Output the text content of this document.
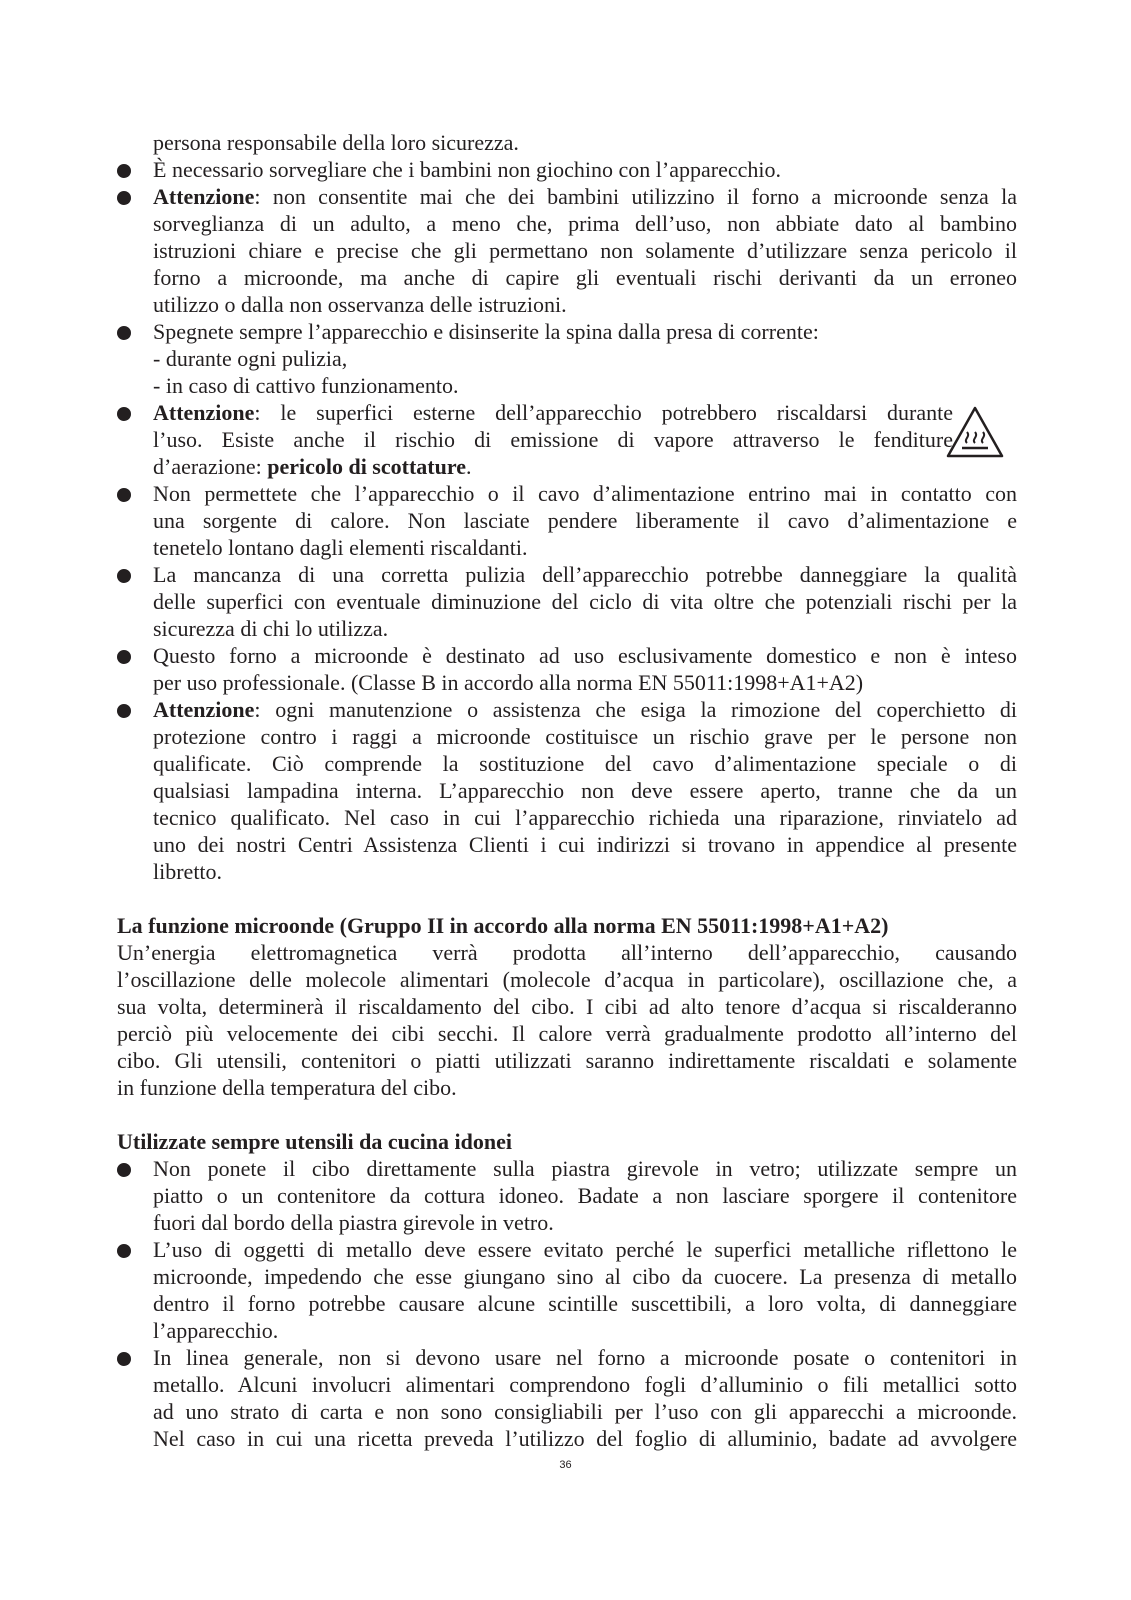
persona responsabile della loro sicurezza.
È necessario sorvegliare che i bambini non giochino con l’apparecchio.
Attenzione: non consentite mai che dei bambini utilizzino il forno a microonde senza la
sorveglianza di un adulto, a meno che, prima dell’uso, non abbiate dato al bambino
istruzioni chiare e precise che gli permettano non solamente d’utilizzare senza pericolo il
forno a microonde, ma anche di capire gli eventuali rischi derivanti da un erroneo
utilizzo o dalla non osservanza delle istruzioni.
Spegnete sempre l’apparecchio e disinserite la spina dalla presa di corrente:
- durante ogni pulizia,
- in caso di cattivo funzionamento.
Attenzione: le superfici esterne dell’apparecchio potrebbero riscaldarsi durante
l’uso. Esiste anche il rischio di emissione di vapore attraverso le fenditure
d’aerazione: pericolo di scottature.
Non permettete che l’apparecchio o il cavo d’alimentazione entrino mai in contatto con
una sorgente di calore. Non lasciate pendere liberamente il cavo d’alimentazione e
tenetelo lontano dagli elementi riscaldanti.
La mancanza di una corretta pulizia dell’apparecchio potrebbe danneggiare la qualità
delle superfici con eventuale diminuzione del ciclo di vita oltre che potenziali rischi per la
sicurezza di chi lo utilizza.
Questo forno a microonde è destinato ad uso esclusivamente domestico e non è inteso
per uso professionale. (Classe B in accordo alla norma EN 55011:1998+A1+A2)
Attenzione: ogni manutenzione o assistenza che esiga la rimozione del coperchietto di
protezione contro i raggi a microonde costituisce un rischio grave per le persone non
qualificate. Ciò comprende la sostituzione del cavo d’alimentazione speciale o di
qualsiasi lampadina interna. L’apparecchio non deve essere aperto, tranne che da un
tecnico qualificato. Nel caso in cui l’apparecchio richieda una riparazione, rinviatelo ad
uno dei nostri Centri Assistenza Clienti i cui indirizzi si trovano in appendice al presente
libretto.
La funzione microonde (Gruppo II in accordo alla norma EN 55011:1998+A1+A2)
Un’energia elettromagnetica verrà prodotta all’interno dell’apparecchio, causando
l’oscillazione delle molecole alimentari (molecole d’acqua in particolare), oscillazione che, a
sua volta, determinerà il riscaldamento del cibo. I cibi ad alto tenore d’acqua si riscalderanno
perciò più velocemente dei cibi secchi. Il calore verrà gradualmente prodotto all’interno del
cibo. Gli utensili, contenitori o piatti utilizzati saranno indirettamente riscaldati e solamente
in funzione della temperatura del cibo.
Utilizzate sempre utensili da cucina idonei
Non ponete il cibo direttamente sulla piastra girevole in vetro; utilizzate sempre un
piatto o un contenitore da cottura idoneo. Badate a non lasciare sporgere il contenitore
fuori dal bordo della piastra girevole in vetro.
L’uso di oggetti di metallo deve essere evitato perché le superfici metalliche riflettono le
microonde, impedendo che esse giungano sino al cibo da cuocere. La presenza di metallo
dentro il forno potrebbe causare alcune scintille suscettibili, a loro volta, di danneggiare
l’apparecchio.
In linea generale, non si devono usare nel forno a microonde posate o contenitori in
metallo. Alcuni involucri alimentari comprendono fogli d’alluminio o fili metallici sotto
ad uno strato di carta e non sono consigliabili per l’uso con gli apparecchi a microonde.
Nel caso in cui una ricetta preveda l’utilizzo del foglio di alluminio, badate ad avvolgere
36
